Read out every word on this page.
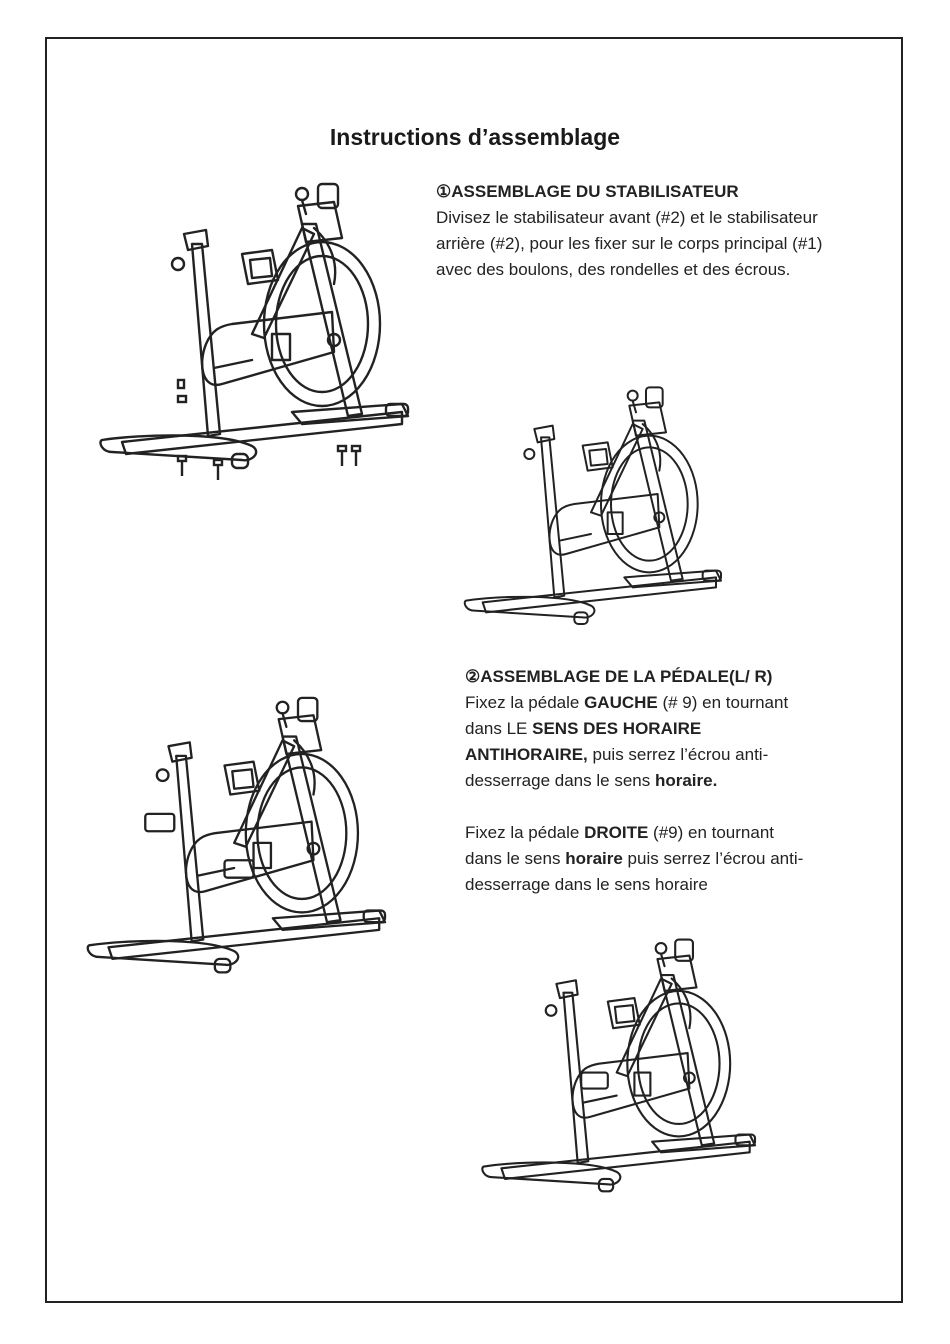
Instructions d’assemblage
①ASSEMBLAGE DU STABILISATEUR
Divisez le stabilisateur avant (#2) et le stabilisateur arrière (#2), pour les fixer sur le corps principal (#1) avec des boulons, des rondelles et des écrous.
②ASSEMBLAGE DE LA PÉDALE(L/ R) Fixez la pédale GAUCHE (# 9) en tournant dans LE SENS DES HORAIRE ANTIHORAIRE, puis serrez l’écrou anti-desserrage dans le sens horaire.
Fixez la pédale DROITE (#9) en tournant dans le sens horaire puis serrez l’écrou anti-desserrage dans le sens horaire
